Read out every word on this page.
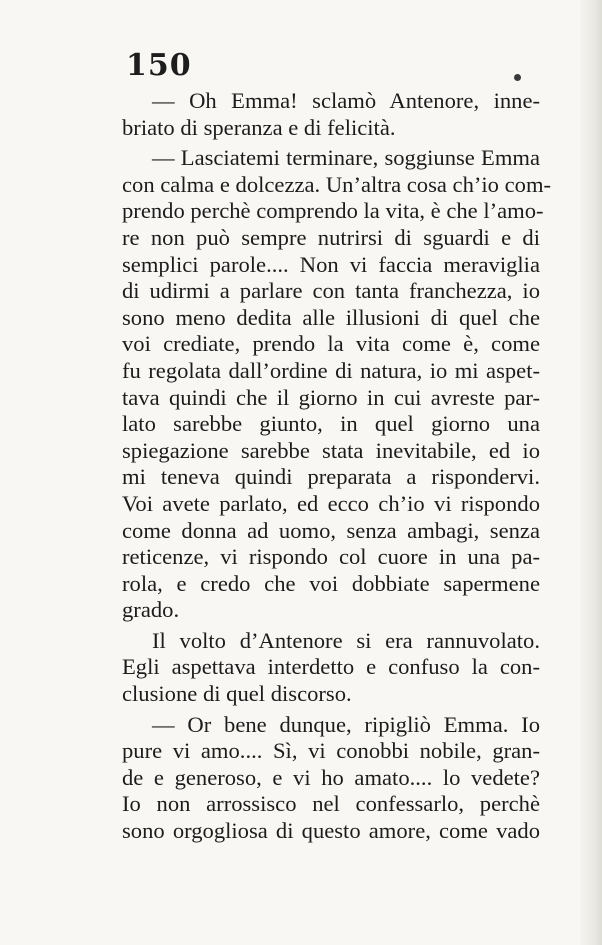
150
— Oh Emma! sclamò Antenore, inne-
briato di speranza e di felicità.
— Lasciatemi terminare, soggiunse Emma
con calma e dolcezza. Un’altra cosa ch’io com-
prendo perchè comprendo la vita, è che l’amo-
re non può sempre nutrirsi di sguardi e di
semplici parole.... Non vi faccia meraviglia
di udirmi a parlare con tanta franchezza, io
sono meno dedita alle illusioni di quel che
voi crediate, prendo la vita come è, come
fu regolata dall’ordine di natura, io mi aspet-
tava quindi che il giorno in cui avreste par-
lato sarebbe giunto, in quel giorno una
spiegazione sarebbe stata inevitabile, ed io
mi teneva quindi preparata a rispondervi.
Voi avete parlato, ed ecco ch’io vi rispondo
come donna ad uomo, senza ambagi, senza
reticenze, vi rispondo col cuore in una pa-
rola, e credo che voi dobbiate sapermene
grado.
Il volto d’Antenore si era rannuvolato.
Egli aspettava interdetto e confuso la con-
clusione di quel discorso.
— Or bene dunque, ripigliò Emma. Io
pure vi amo.... Sì, vi conobbi nobile, gran-
de e generoso, e vi ho amato.... lo vedete?
Io non arrossisco nel confessarlo, perchè
sono orgogliosa di questo amore, come vado
